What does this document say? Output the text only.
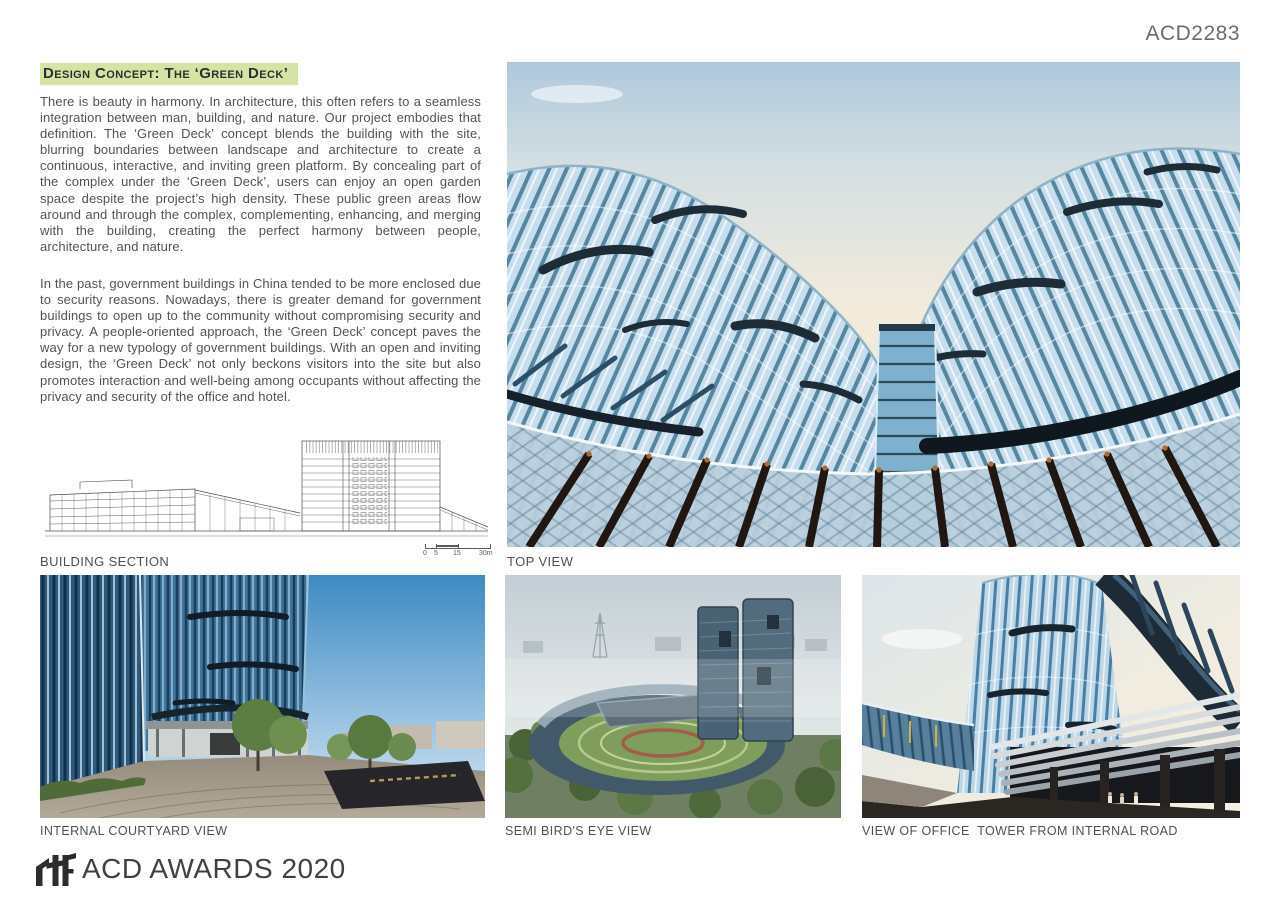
ACD2283
Design Concept: The ‘Green Deck’

There is beauty in harmony. In architecture, this often refers to a seamless integration between man, building, and nature. Our project embodies that definition. The ‘Green Deck’ concept blends the building with the site, blurring boundaries between landscape and architecture to create a continuous, interactive, and inviting green platform. By concealing part of the complex under the ‘Green Deck’, users can enjoy an open garden space despite the project’s high density. These public green areas flow around and through the complex, complementing, enhancing, and merging with the building, creating the perfect harmony between people, architecture, and nature.

In the past, government buildings in China tended to be more enclosed due to security reasons. Nowadays, there is greater demand for government buildings to open up to the community without compromising security and privacy. A people-oriented approach, the ‘Green Deck’ concept paves the way for a new typology of government buildings. With an open and inviting design, the ‘Green Deck’ not only beckons visitors into the site but also promotes interaction and well-being among occupants without affecting the privacy and security of the office and hotel.

0 5 15	30m
BUILDING SECTION	TOP VIEW
INTERNAL COURTYARD VIEW	SEMI BIRD'S EYE VIEW	VIEW OF OFFICE  TOWER FROM INTERNAL ROAD
ACD AWARDS 2020
